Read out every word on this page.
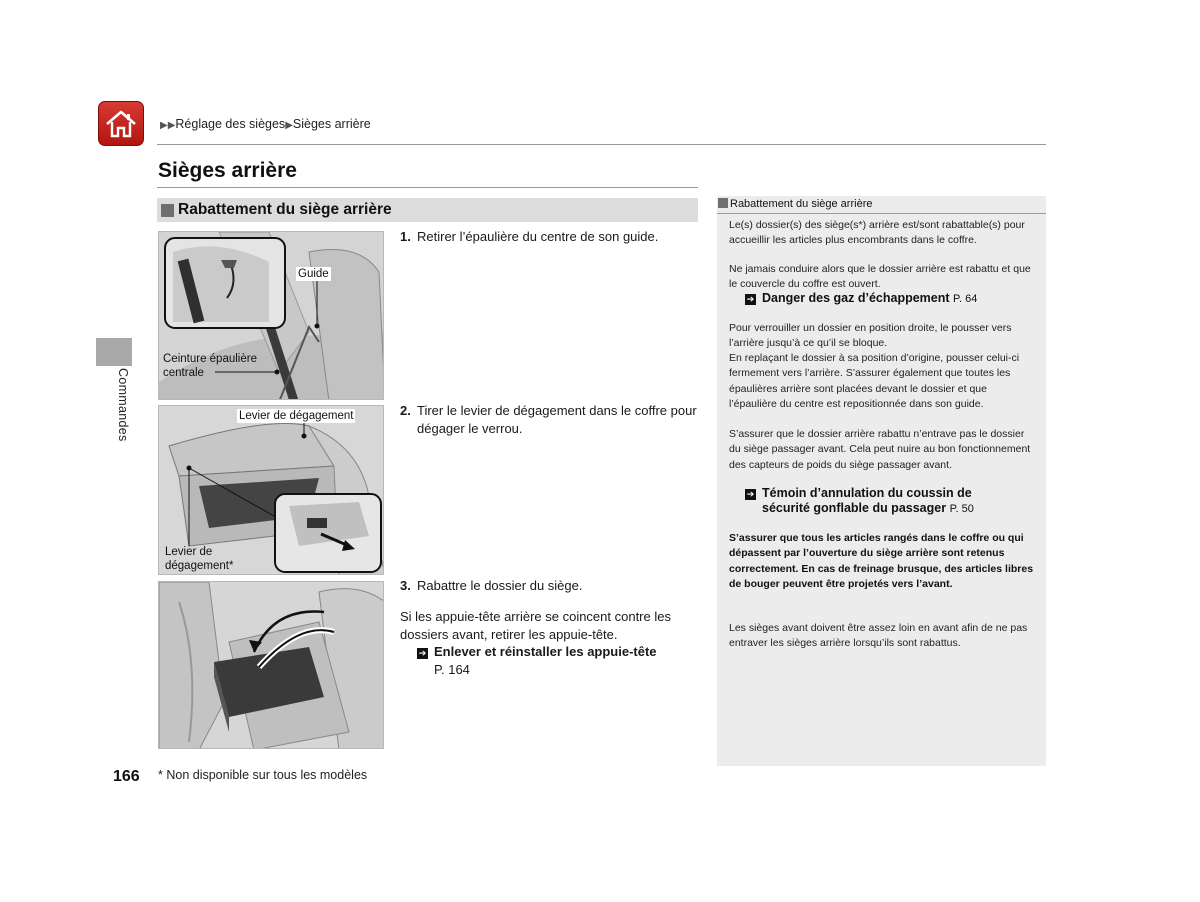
▶▶Réglage des sièges▶Sièges arrière
Sièges arrière
Rabattement du siège arrière
Commandes
Guide
Ceinture épaulière
centrale
Levier de dégagement
Levier de
dégagement*
1. Retirer l’épaulière du centre de son guide.
2. Tirer le levier de dégagement dans le coffre pour dégager le verrou.
3. Rabattre le dossier du siège.
Si les appuie-tête arrière se coincent contre les dossiers avant, retirer les appuie-tête.
➔ Enlever et réinstaller les appuie-tête
P. 164
166 * Non disponible sur tous les modèles
Rabattement du siège arrière
Le(s) dossier(s) des siège(s*) arrière est/sont rabattable(s) pour accueillir les articles plus encombrants dans le coffre.
Ne jamais conduire alors que le dossier arrière est rabattu et que le couvercle du coffre est ouvert.
➔ Danger des gaz d’échappement P. 64
Pour verrouiller un dossier en position droite, le pousser vers l’arrière jusqu’à ce qu’il se bloque.
En replaçant le dossier à sa position d’origine, pousser celui-ci fermement vers l’arrière. S’assurer également que toutes les épaulières arrière sont placées devant le dossier et que l’épaulière du centre est repositionnée dans son guide.
S’assurer que le dossier arrière rabattu n’entrave pas le dossier du siège passager avant. Cela peut nuire au bon fonctionnement des capteurs de poids du siège passager avant.
➔ Témoin d’annulation du coussin de
sécurité gonflable du passager P. 50
S’assurer que tous les articles rangés dans le coffre ou qui dépassent par l’ouverture du siège arrière sont retenus correctement. En cas de freinage brusque, des articles libres de bouger peuvent être projetés vers l’avant.
Les sièges avant doivent être assez loin en avant afin de ne pas entraver les sièges arrière lorsqu’ils sont rabattus.
